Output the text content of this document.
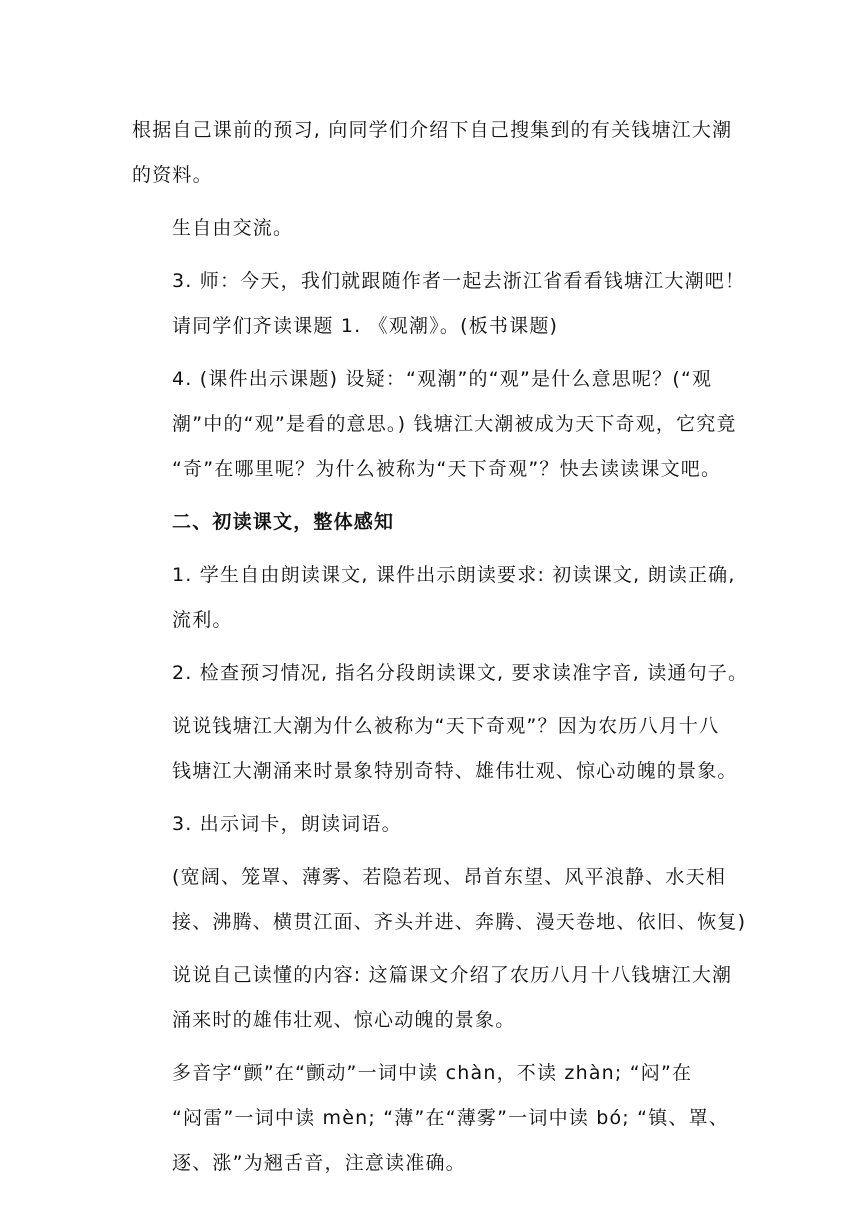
根据自己课前的预习, 向同学们介绍下自己搜集到的有关钱塘江大潮
的资料。

生自由交流。

3. 师：今天，我们就跟随作者一起去浙江省看看钱塘江大潮吧！
请同学们齐读课题 1. 《观潮》。(板书课题)

4. (课件出示课题) 设疑：“观潮”的“观”是什么意思呢？(“观
潮”中的“观”是看的意思。) 钱塘江大潮被成为天下奇观，它究竟
“奇”在哪里呢？为什么被称为“天下奇观”？快去读读课文吧。

二、初读课文，整体感知

1. 学生自由朗读课文, 课件出示朗读要求: 初读课文, 朗读正确,
流利。

2. 检查预习情况, 指名分段朗读课文, 要求读准字音, 读通句子。

说说钱塘江大潮为什么被称为“天下奇观”？因为农历八月十八
钱塘江大潮涌来时景象特别奇特、雄伟壮观、惊心动魄的景象。

3. 出示词卡，朗读词语。

(宽阔、笼罩、薄雾、若隐若现、昂首东望、风平浪静、水天相
接、沸腾、横贯江面、齐头并进、奔腾、漫天卷地、依旧、恢复)

说说自己读懂的内容: 这篇课文介绍了农历八月十八钱塘江大潮
涌来时的雄伟壮观、惊心动魄的景象。

多音字“颤”在“颤动”一词中读 chàn，不读 zhàn; “闷”在
“闷雷”一词中读 mèn; “薄”在“薄雾”一词中读 bó; “镇、罩、
逐、涨”为翘舌音，注意读准确。
